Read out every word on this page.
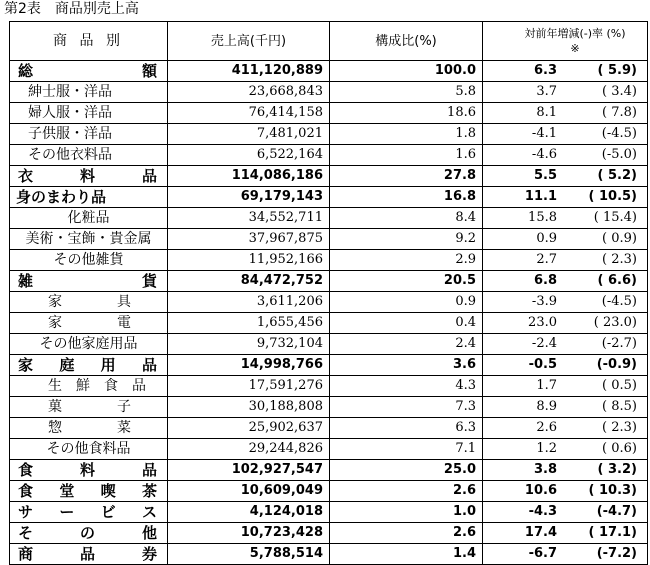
第2表　商品別売上高
商 品 別	売上高(千円)	構成比(%)	対前年増減(-)率 (%)
※

総　　額	411,120,889	100.0	6.3 ( 5.9)

紳士服・洋品	23,668,843	5.8	3.7 ( 3.4)

婦人服・洋品	76,414,158	18.6	8.1 ( 7.8)

子供服・洋品	7,481,021	1.8	-4.1 (-4.5)

その他衣料品	6,522,164	1.6	-4.6 (-5.0)

衣　料　品	114,086,186	27.8	5.5 ( 5.2)

身のまわり品	69,179,143	16.8	11.1 ( 10.5)

化粧品	34,552,711	8.4	15.8 ( 15.4)

美術・宝飾・貴金属	37,967,875	9.2	0.9 ( 0.9)

その他雑貨	11,952,166	2.9	2.7 ( 2.3)

雑　　貨	84,472,752	20.5	6.8 ( 6.6)

家　具	3,611,206	0.9	-3.9 (-4.5)

家　電	1,655,456	0.4	23.0 ( 23.0)

その他家庭用品	9,732,104	2.4	-2.4 (-2.7)

家　庭　用　品	14,998,766	3.6	-0.5 (-0.9)

生　鮮　食　品	17,591,276	4.3	1.7 ( 0.5)

菓　子	30,188,808	7.3	8.9 ( 8.5)

惣　菜	25,902,637	6.3	2.6 ( 2.3)

その他食料品	29,244,826	7.1	1.2 ( 0.6)

食　料　品	102,927,547	25.0	3.8 ( 3.2)

食　堂　喫　茶	10,609,049	2.6	10.6 ( 10.3)

サ　ー　ビ　ス	4,124,018	1.0	-4.3 (-4.7)

そ　の　他	10,723,428	2.6	17.4 ( 17.1)

商　品　券	5,788,514	1.4	-6.7 (-7.2)
